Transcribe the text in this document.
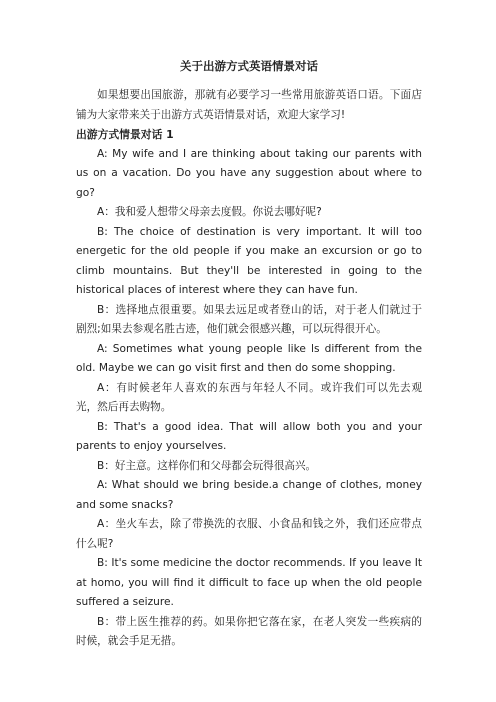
关于出游方式英语情景对话

如果想要出国旅游，那就有必要学习一些常用旅游英语口语。下面店铺为大家带来关于出游方式英语情景对话，欢迎大家学习!

出游方式情景对话 1

A: My wife and I are thinking about taking our parents with us on a vacation. Do you have any suggestion about where to go?

A：我和爱人想带父母亲去度假。你说去哪好呢?

B: The choice of destination is very important. It will too energetic for the old people if you make an excursion or go to climb mountains. But they'll be interested in going to the historical places of interest where they can have fun.

B：选择地点很重要。如果去远足或者登山的话，对于老人们就过于剧烈;如果去参观名胜古迹，他们就会很感兴趣，可以玩得很开心。

A: Sometimes what young people like ls different from the old. Maybe we can go visit first and then do some shopping.

A：有时候老年人喜欢的东西与年轻人不同。或许我们可以先去观光，然后再去购物。

B: That's a good idea. That will allow both you and your parents to enjoy yourselves.

B：好主意。这样你们和父母都会玩得很高兴。

A: What should we bring beside.a change of clothes, money and some snacks?

A：坐火车去，除了带换洗的衣服、小食品和钱之外，我们还应带点什么呢?

B: It's some medicine the doctor recommends. If you leave It at homo, you will find it difficult to face up when the old people suffered a seizure.

B：带上医生推荐的药。如果你把它落在家，在老人突发一些疾病的时候，就会手足无措。
